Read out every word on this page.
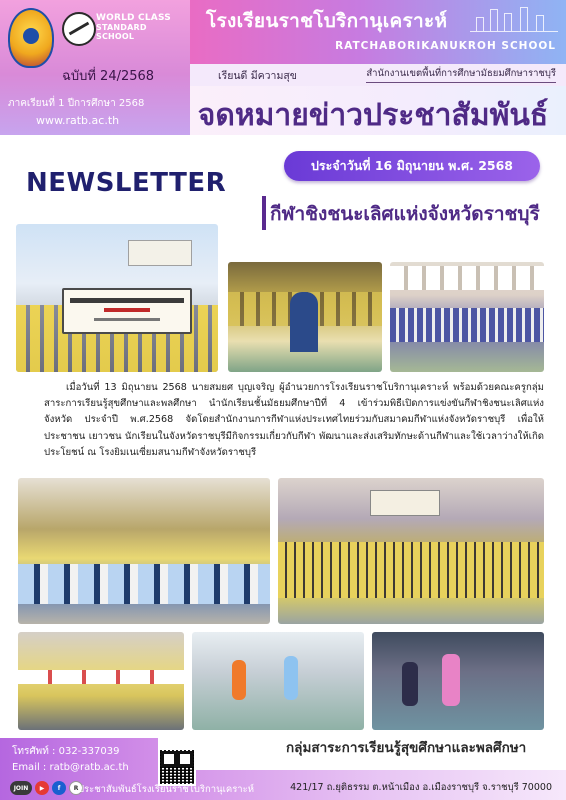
WORLD CLASS
STANDARD SCHOOL
ฉบับที่ 24/2568
ภาคเรียนที่ 1 ปีการศึกษา 2568
www.ratb.ac.th
โรงเรียนราชโบริกานุเคราะห์
RATCHABORIKANUKROH SCHOOL
เรียนดี มีความสุข	สำนักงานเขตพื้นที่การศึกษามัธยมศึกษาราชบุรี
จดหมายข่าวประชาสัมพันธ์
ประจำวันที่ 16 มิถุนายน พ.ศ. 2568
NEWSLETTER
กีฬาชิงชนะเลิศแห่งจังหวัดราชบุรี

เมื่อวันที่ 13 มิถุนายน 2568 นายสมยศ บุญเจริญ ผู้อำนวยการโรงเรียนราชโบริกานุเคราะห์ พร้อมด้วยคณะครูกลุ่มสาระการเรียนรู้สุขศึกษาและพลศึกษา นำนักเรียนชั้นมัธยมศึกษาปีที่ 4 เข้าร่วมพิธีเปิดการแข่งขันกีฬาชิงชนะเลิศแห่งจังหวัด ประจำปี พ.ศ.2568 จัดโดยสำนักงานการกีฬาแห่งประเทศไทยร่วมกับสมาคมกีฬาแห่งจังหวัดราชบุรี เพื่อให้ประชาชน เยาวชน นักเรียนในจังหวัดราชบุรีมีกิจกรรมเกี่ยวกับกีฬา พัฒนาและส่งเสริมทักษะด้านกีฬาและใช้เวลาว่างให้เกิดประโยชน์ ณ โรงยิมเนเซี่ยมสนามกีฬาจังหวัดราชบุรี

กลุ่มสาระการเรียนรู้สุขศึกษาและพลศึกษา
โทรศัพท์ : 032-337039
Email : ratb@ratb.ac.th
JOIN	▶	f	R ประชาสัมพันธ์โรงเรียนราชโบริกานุเคราะห์	421/17 ถ.ยุติธรรม ต.หน้าเมือง อ.เมืองราชบุรี จ.ราชบุรี 70000
